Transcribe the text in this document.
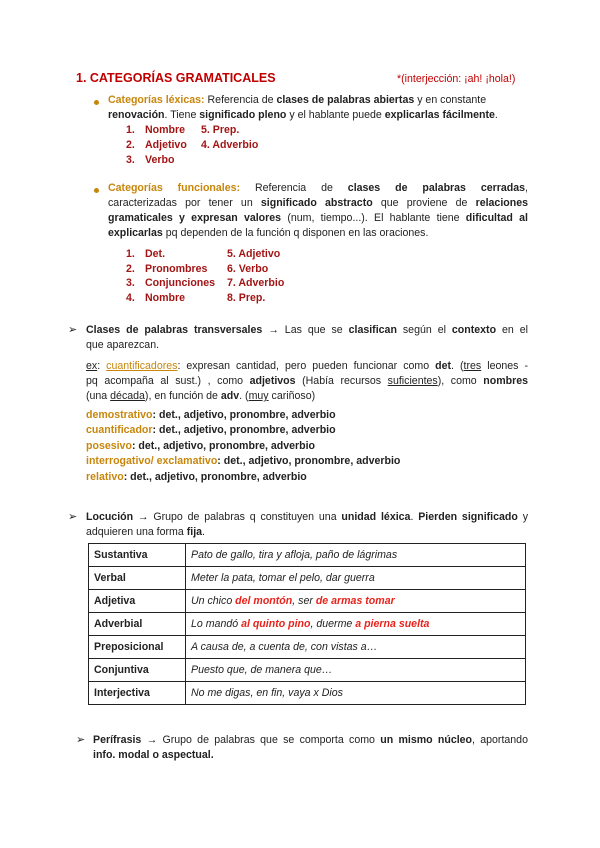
1. CATEGORÍAS GRAMATICALES	*(interjección: ¡ah! ¡hola!)
Categorías léxicas: Referencia de clases de palabras abiertas y en constante
renovación. Tiene significado pleno y el hablante puede explicarlas fácilmente.
1. Nombre 5. Prep.
2. Adjetivo 4. Adverbio
3. Verbo
Categorías funcionales: Referencia de clases de palabras cerradas,
caracterizadas por tener un significado abstracto que proviene de relaciones
gramaticales y expresan valores (num, tiempo...). El hablante tiene dificultad al
explicarlas pq dependen de la función q disponen en las oraciones.
1. Det.	5. Adjetivo
2. Pronombres 6. Verbo
3. Conjunciones 7. Adverbio
4. Nombre	8. Prep.
➢ Clases de palabras transversales → Las que se clasifican según el contexto en el
que aparezcan.
ex: cuantificadores: expresan cantidad, pero pueden funcionar como det. (tres leones -
pq acompaña al sust.) , como adjetivos (Había recursos suficientes), como nombres
(una década), en función de adv. (muy cariñoso)
demostrativo: det., adjetivo, pronombre, adverbio
cuantificador: det., adjetivo, pronombre, adverbio
posesivo: det., adjetivo, pronombre, adverbio
interrogativo/ exclamativo: det., adjetivo, pronombre, adverbio
relativo: det., adjetivo, pronombre, adverbio
➢ Locución → Grupo de palabras q constituyen una unidad léxica. Pierden significado y
adquieren una forma fija.
Sustantiva	Pato de gallo, tira y afloja, paño de lágrimas
Verbal	Meter la pata, tomar el pelo, dar guerra
Adjetiva	Un chico del montón, ser de armas tomar
Adverbial	Lo mandó al quinto pino, duerme a pierna suelta
Preposicional	A causa de, a cuenta de, con vistas a…
Conjuntiva	Puesto que, de manera que…
Interjectiva	No me digas, en fin, vaya x Dios
➢ Perífrasis → Grupo de palabras que se comporta como un mismo núcleo, aportando
info. modal o aspectual.
